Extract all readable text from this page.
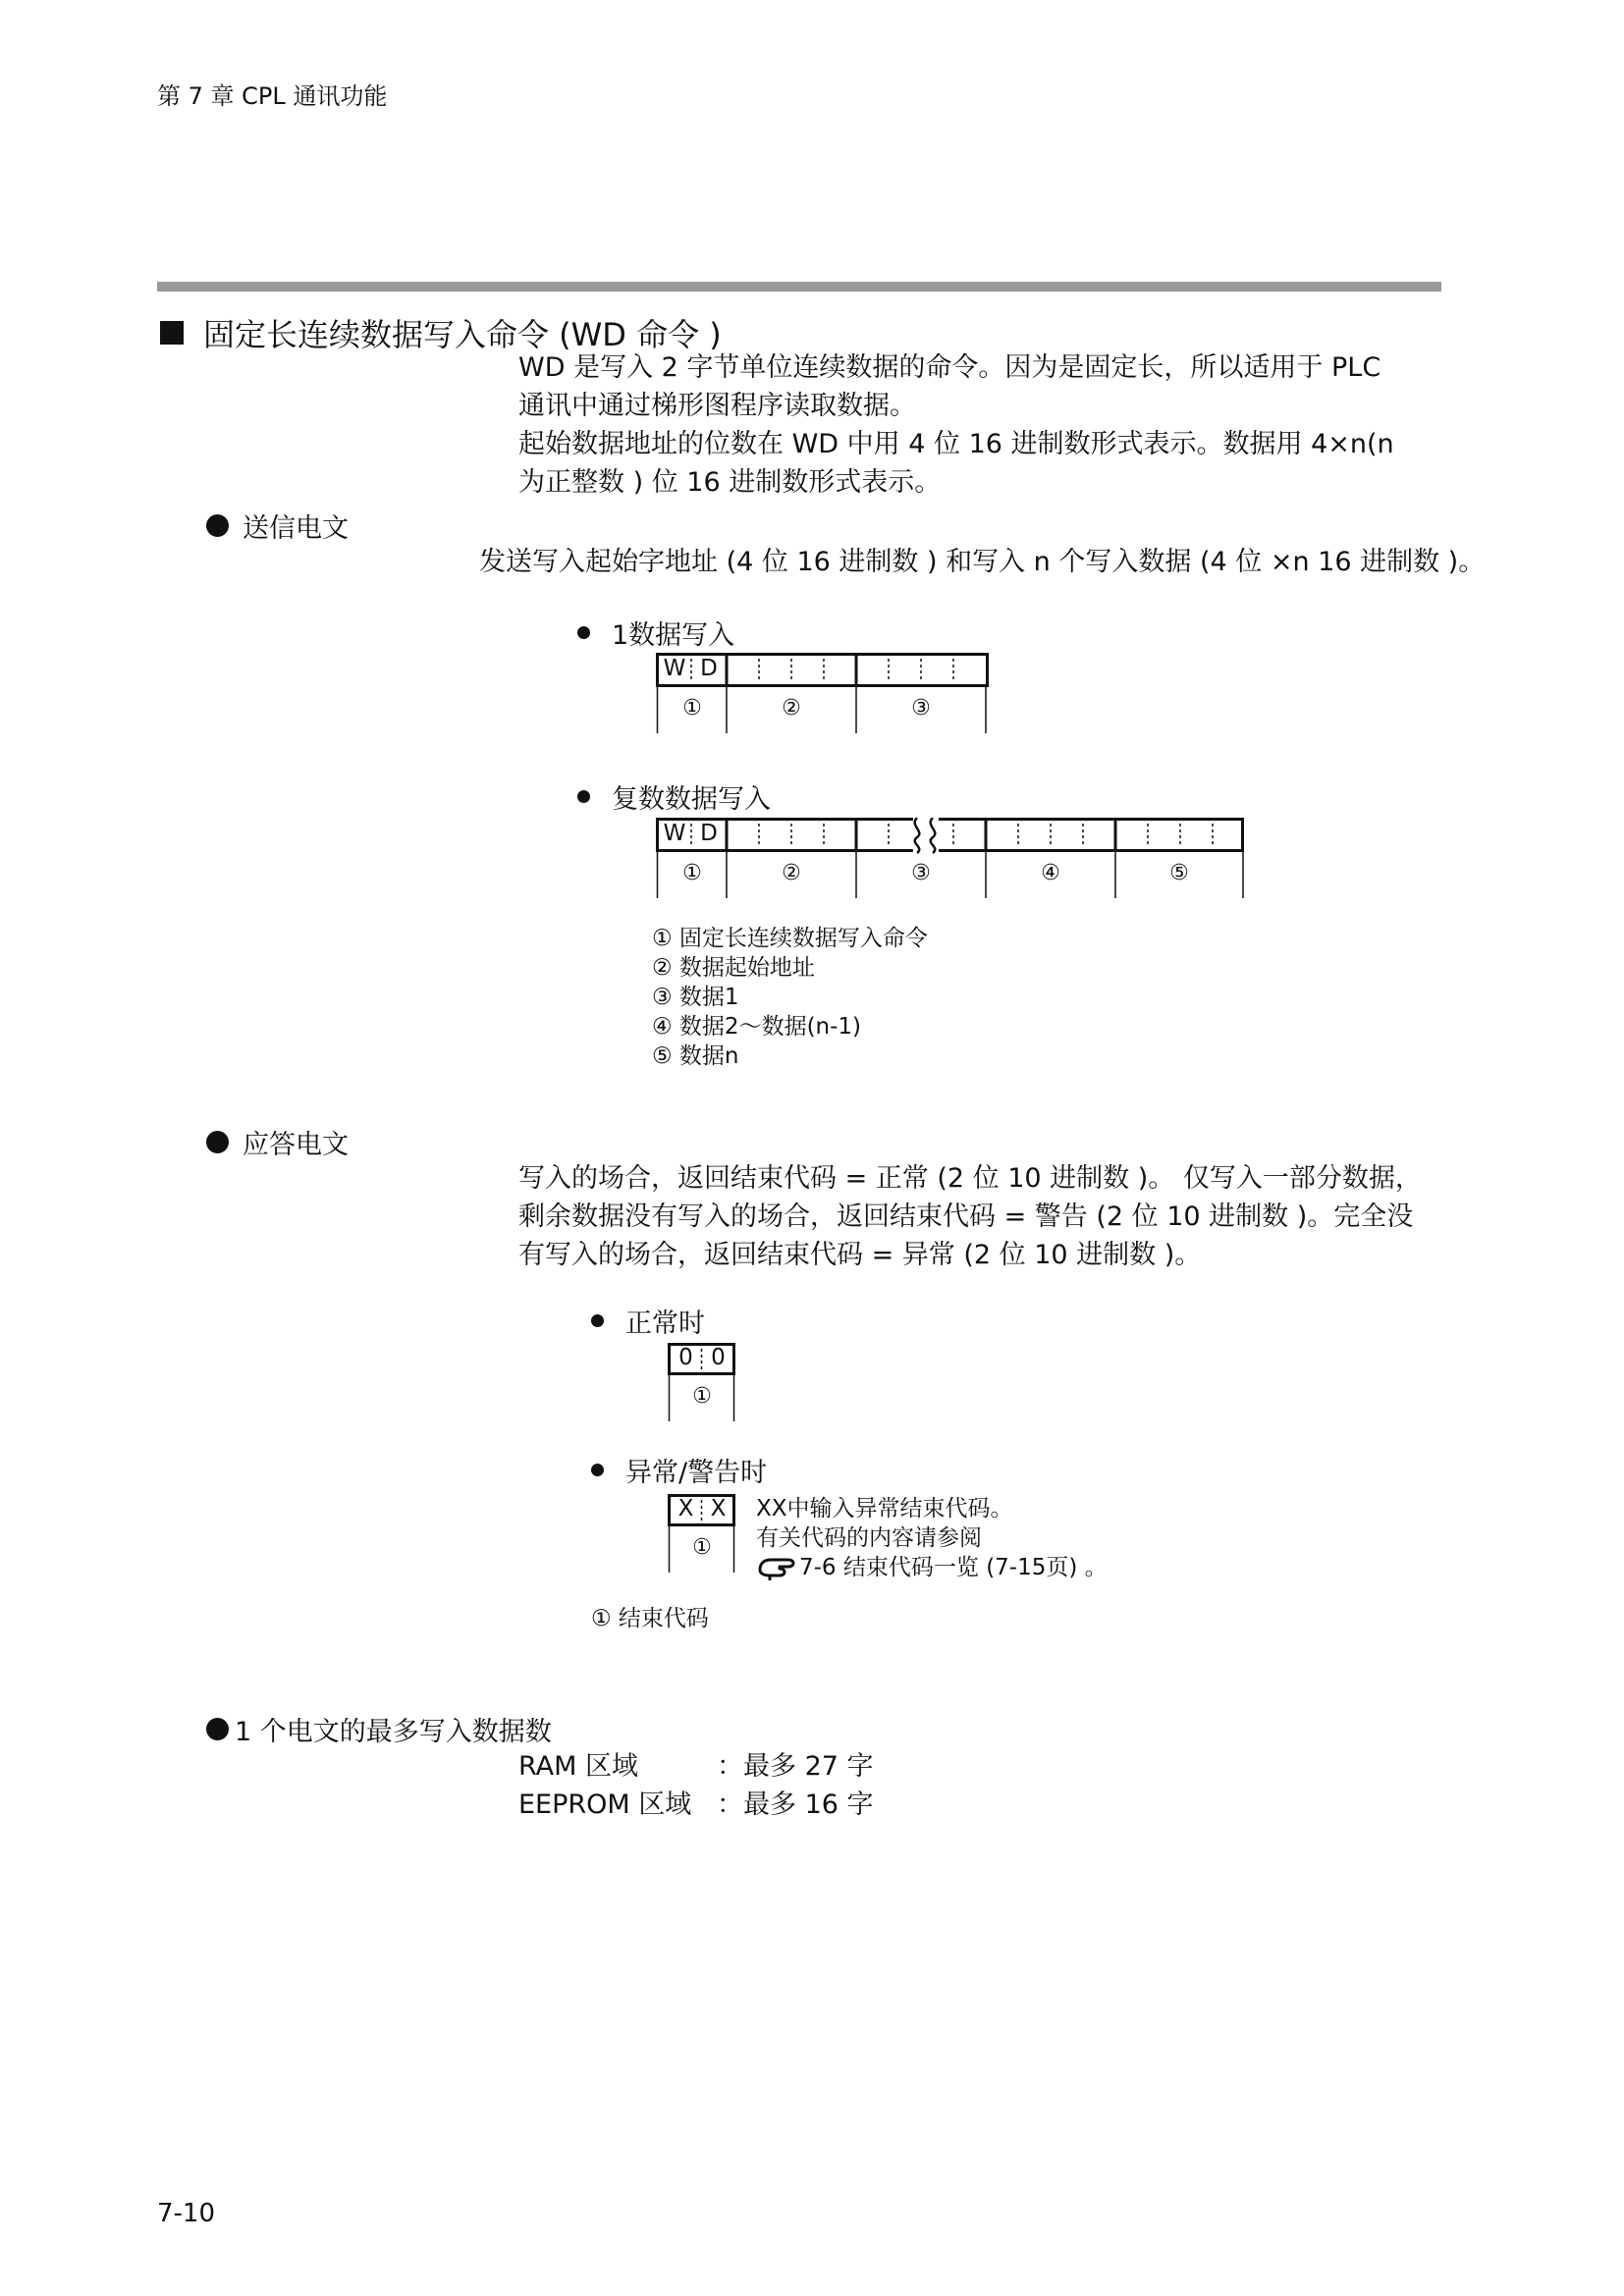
第 7 章 CPL 通讯功能
固定长连续数据写入命令 (WD 命令 )
WD 是写入 2 字节单位连续数据的命令。因为是固定长，所以适用于 PLC
通讯中通过梯形图程序读取数据。
起始数据地址的位数在 WD 中用 4 位 16 进制数形式表示。数据用 4×n(n
为正整数 ) 位 16 进制数形式表示。
送信电文
发送写入起始字地址 (4 位 16 进制数 ) 和写入 n 个写入数据 (4 位 ×n 16 进制数 )。
1数据写入
W D
①	②	③
复数数据写入
W D
①	②	③	④	⑤
① 固定长连续数据写入命令
② 数据起始地址
③ 数据1
④ 数据2～数据(n-1)
⑤ 数据n
应答电文
写入的场合，返回结束代码 = 正常 (2 位 10 进制数 )。 仅写入一部分数据，
剩余数据没有写入的场合，返回结束代码 = 警告 (2 位 10 进制数 )。完全没
有写入的场合，返回结束代码 = 异常 (2 位 10 进制数 )。
正常时
0 0
①
异常/警告时
X X
①
XX中输入异常结束代码。
有关代码的内容请参阅
7-6 结束代码一览 (7-15页) 。
① 结束代码
1 个电文的最多写入数据数
RAM 区域	：最多 27 字
EEPROM 区域 ：最多 16 字
7-10
